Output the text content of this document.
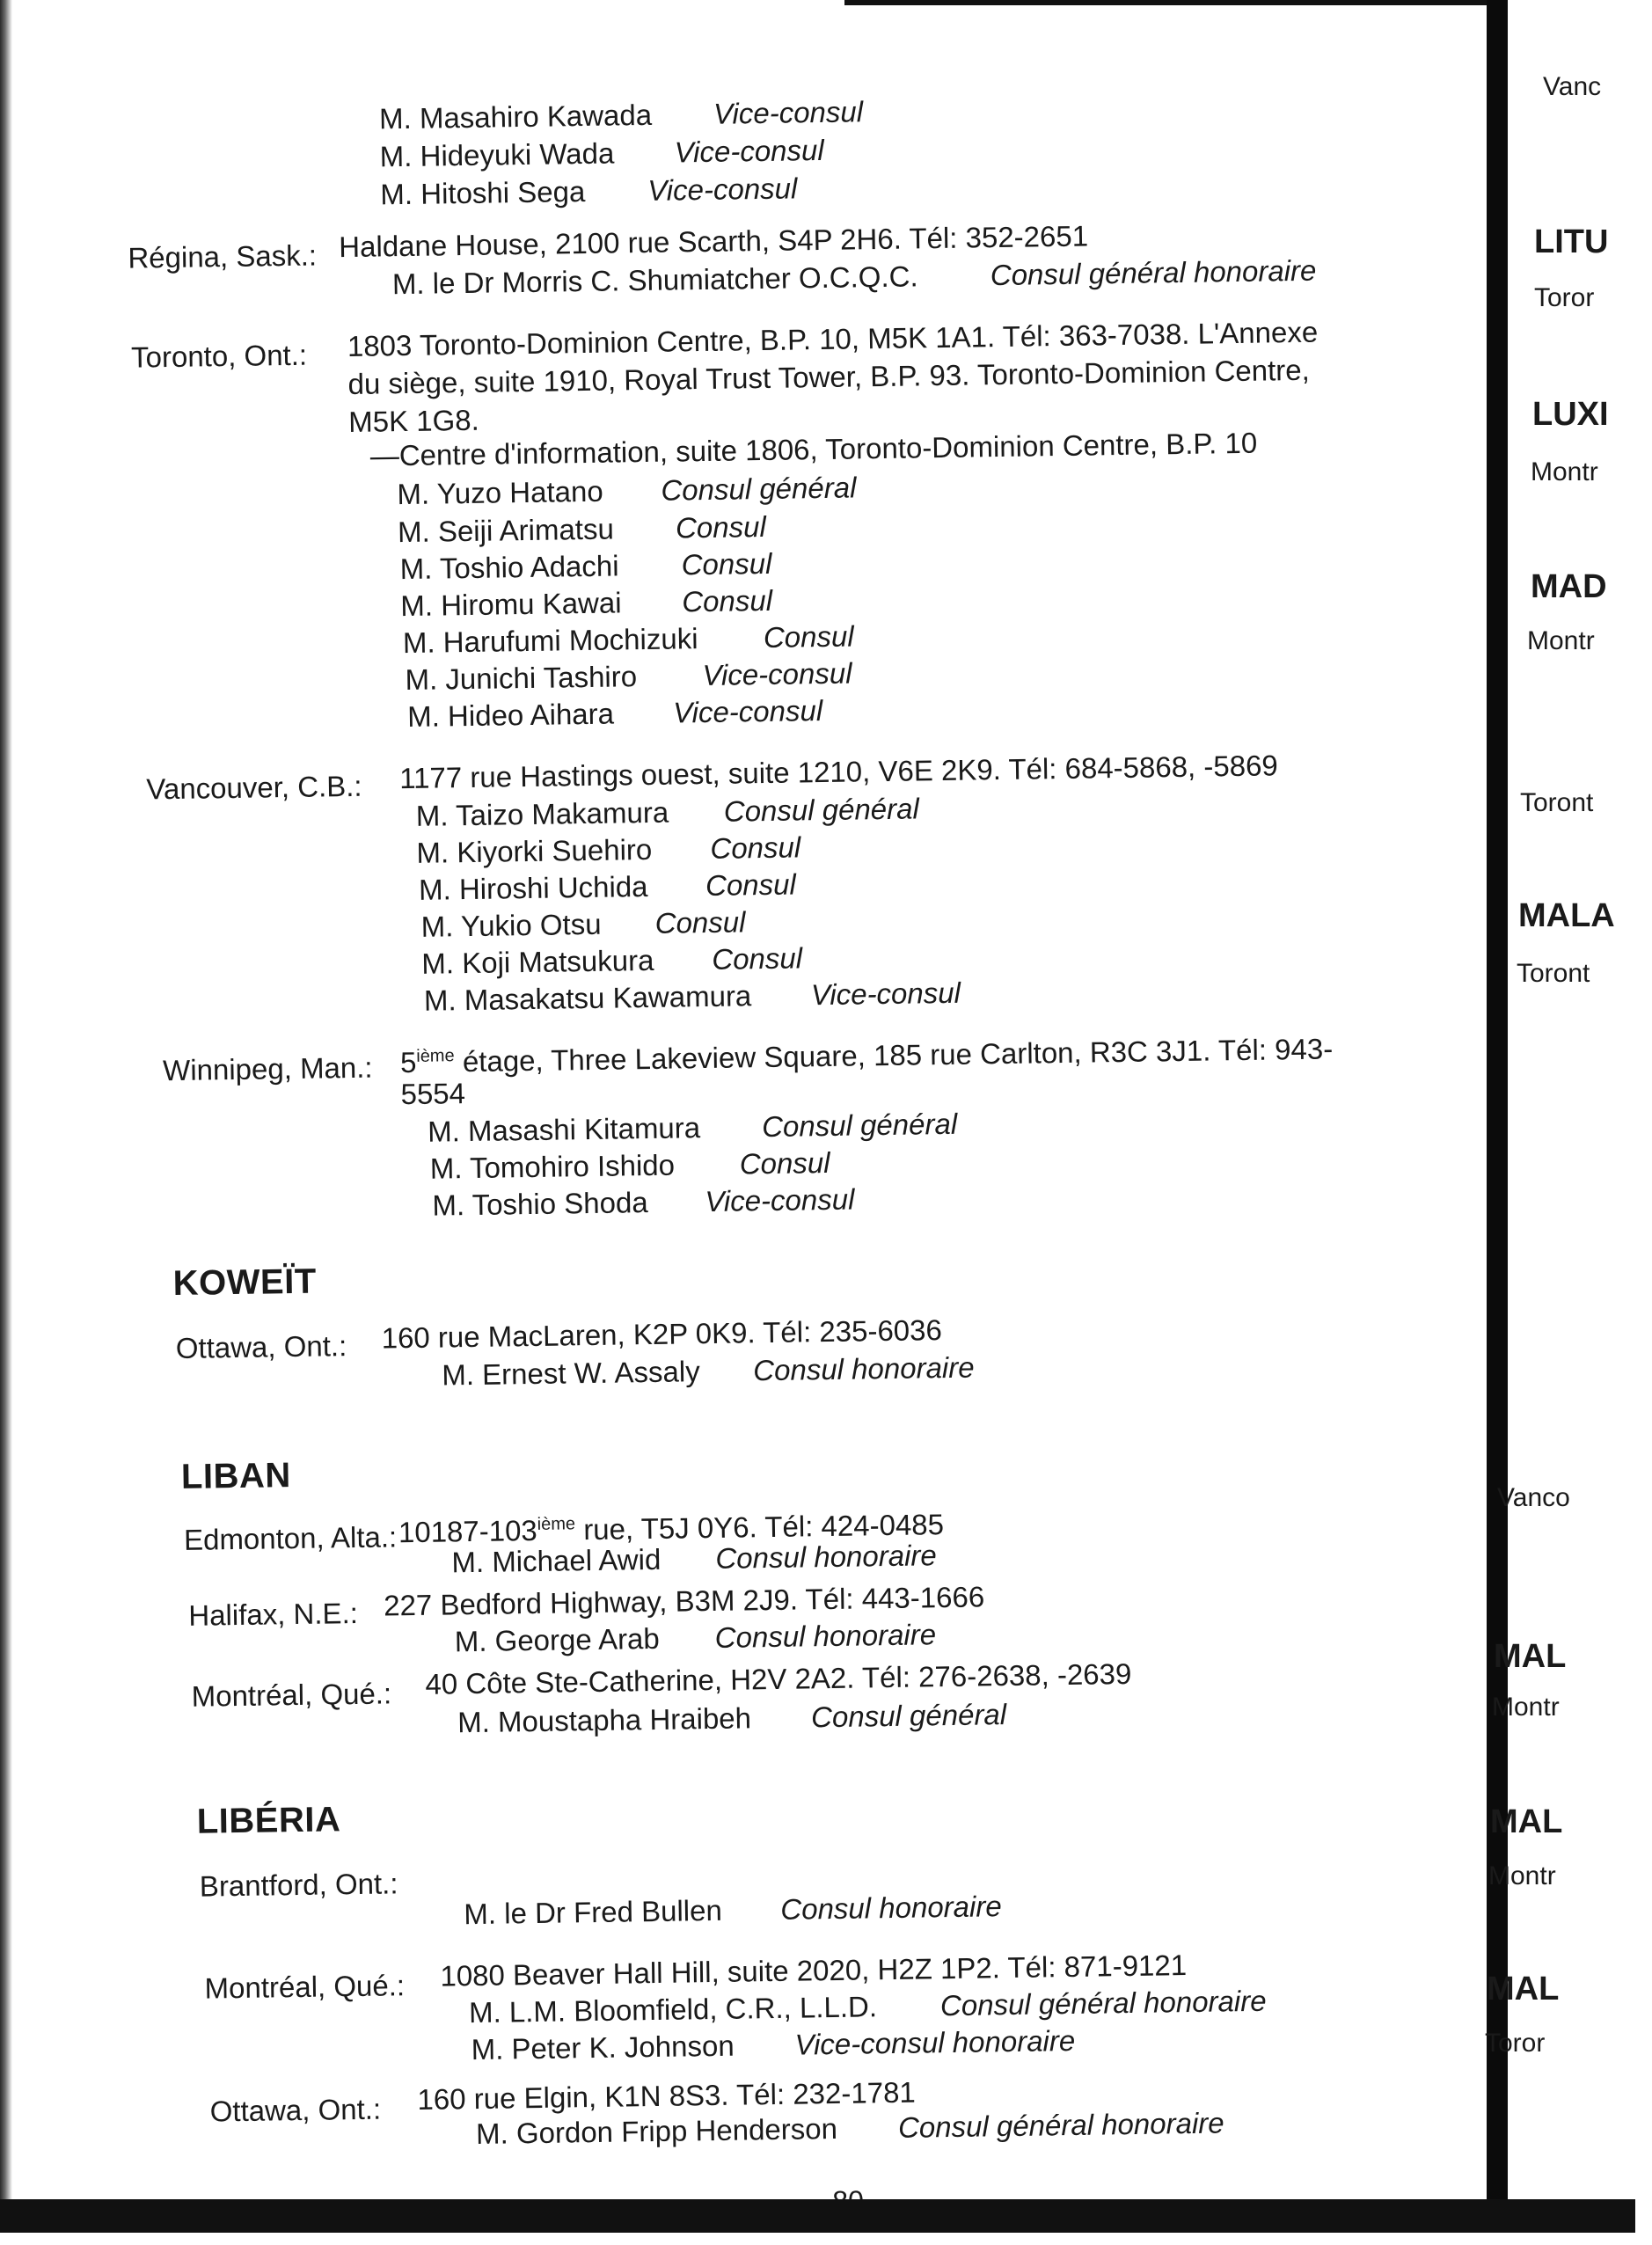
M. Masahiro Kawada Vice-consul
M. Hideyuki Wada Vice-consul
M. Hitoshi Sega Vice-consul
Régina, Sask.: Haldane House, 2100 rue Scarth, S4P 2H6. Tél: 352-2651
M. le Dr Morris C. Shumiatcher O.C.Q.C. Consul général honoraire
Toronto, Ont.: 1803 Toronto-Dominion Centre, B.P. 10, M5K 1A1. Tél: 363-7038. L'Annexe
du siège, suite 1910, Royal Trust Tower, B.P. 93. Toronto-Dominion Centre,
M5K 1G8.
—Centre d'information, suite 1806, Toronto-Dominion Centre, B.P. 10
M. Yuzo Hatano Consul général
M. Seiji Arimatsu Consul
M. Toshio Adachi Consul
M. Hiromu Kawai Consul
M. Harufumi Mochizuki Consul
M. Junichi Tashiro Vice-consul
M. Hideo Aihara Vice-consul
Vancouver, C.B.: 1177 rue Hastings ouest, suite 1210, V6E 2K9. Tél: 684-5868, -5869
M. Taizo Makamura Consul général
M. Kiyorki Suehiro Consul
M. Hiroshi Uchida Consul
M. Yukio Otsu Consul
M. Koji Matsukura Consul
M. Masakatsu Kawamura Vice-consul
Winnipeg, Man.: 5ième étage, Three Lakeview Square, 185 rue Carlton, R3C 3J1. Tél: 943-
5554
M. Masashi Kitamura Consul général
M. Tomohiro Ishido Consul
M. Toshio Shoda Vice-consul
KOWEÏT
Ottawa, Ont.: 160 rue MacLaren, K2P 0K9. Tél: 235-6036
M. Ernest W. Assaly Consul honoraire
LIBAN
Edmonton, Alta.: 10187-103ième rue, T5J 0Y6. Tél: 424-0485
M. Michael Awid Consul honoraire
Halifax, N.E.: 227 Bedford Highway, B3M 2J9. Tél: 443-1666
M. George Arab Consul honoraire
Montréal, Qué.: 40 Côte Ste-Catherine, H2V 2A2. Tél: 276-2638, -2639
M. Moustapha Hraibeh Consul général
LIBÉRIA
Brantford, Ont.:
M. le Dr Fred Bullen Consul honoraire
Montréal, Qué.: 1080 Beaver Hall Hill, suite 2020, H2Z 1P2. Tél: 871-9121
M. L.M. Bloomfield, C.R., L.L.D. Consul général honoraire
M. Peter K. Johnson Vice-consul honoraire
Ottawa, Ont.: 160 rue Elgin, K1N 8S3. Tél: 232-1781
M. Gordon Fripp Henderson Consul général honoraire
Vanc
LITU
Toror
LUXI
Montr
MAD
Montr
Toront
MALA
Toront
Vanco
MAL
Montr
MAL
Montr
MAL
Toror
